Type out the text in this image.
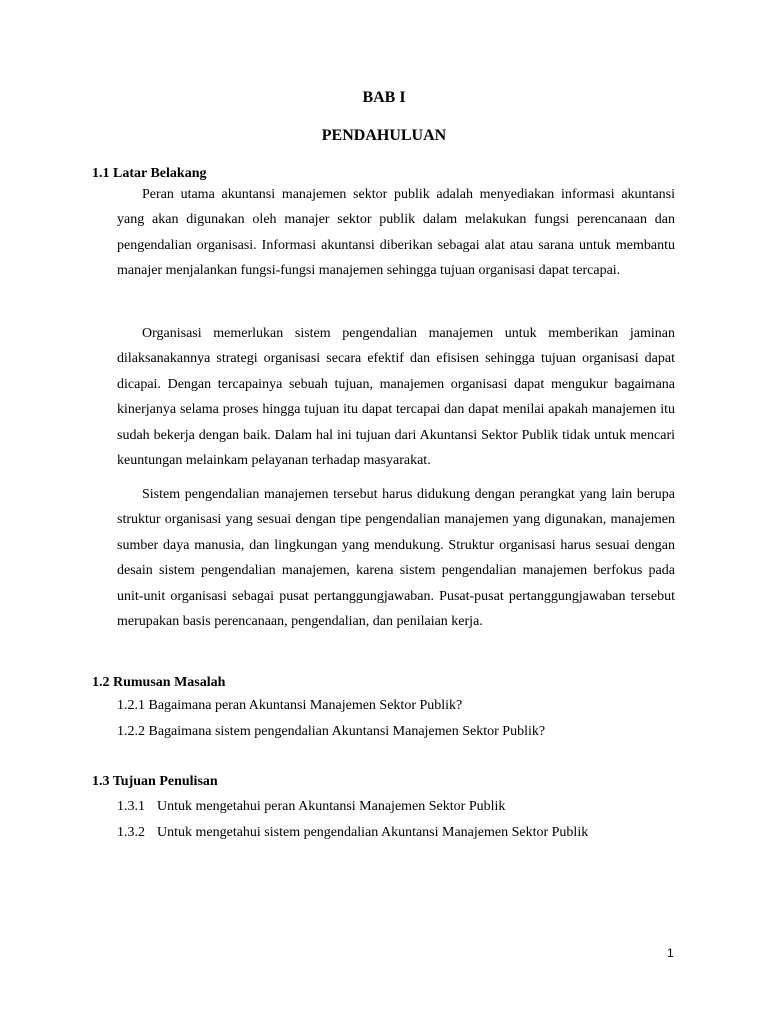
BAB I
PENDAHULUAN
1.1 Latar Belakang

Peran utama akuntansi manajemen sektor publik adalah menyediakan informasi akuntansi yang akan digunakan oleh manajer sektor publik dalam melakukan fungsi perencanaan dan pengendalian organisasi. Informasi akuntansi diberikan sebagai alat atau sarana untuk membantu manajer menjalankan fungsi-fungsi manajemen sehingga tujuan organisasi dapat tercapai.

Organisasi memerlukan sistem pengendalian manajemen untuk memberikan jaminan dilaksanakannya strategi organisasi secara efektif dan efisisen sehingga tujuan organisasi dapat dicapai. Dengan tercapainya sebuah tujuan, manajemen organisasi dapat mengukur bagaimana kinerjanya selama proses hingga tujuan itu dapat tercapai dan dapat menilai apakah manajemen itu sudah bekerja dengan baik. Dalam hal ini tujuan dari Akuntansi Sektor Publik tidak untuk mencari keuntungan melainkam pelayanan terhadap masyarakat.

Sistem pengendalian manajemen tersebut harus didukung dengan perangkat yang lain berupa struktur organisasi yang sesuai dengan tipe pengendalian manajemen yang digunakan, manajemen sumber daya manusia, dan lingkungan yang mendukung. Struktur organisasi harus sesuai dengan desain sistem pengendalian manajemen, karena sistem pengendalian manajemen berfokus pada unit-unit organisasi sebagai pusat pertanggungjawaban. Pusat-pusat pertanggungjawaban tersebut merupakan basis perencanaan, pengendalian, dan penilaian kerja.

1.2 Rumusan Masalah
1.2.1 Bagaimana peran Akuntansi Manajemen Sektor Publik?
1.2.2 Bagaimana sistem pengendalian Akuntansi Manajemen Sektor Publik?
1.3 Tujuan Penulisan
1.3.1 Untuk mengetahui peran Akuntansi Manajemen Sektor Publik
1.3.2 Untuk mengetahui sistem pengendalian Akuntansi Manajemen Sektor Publik
1
